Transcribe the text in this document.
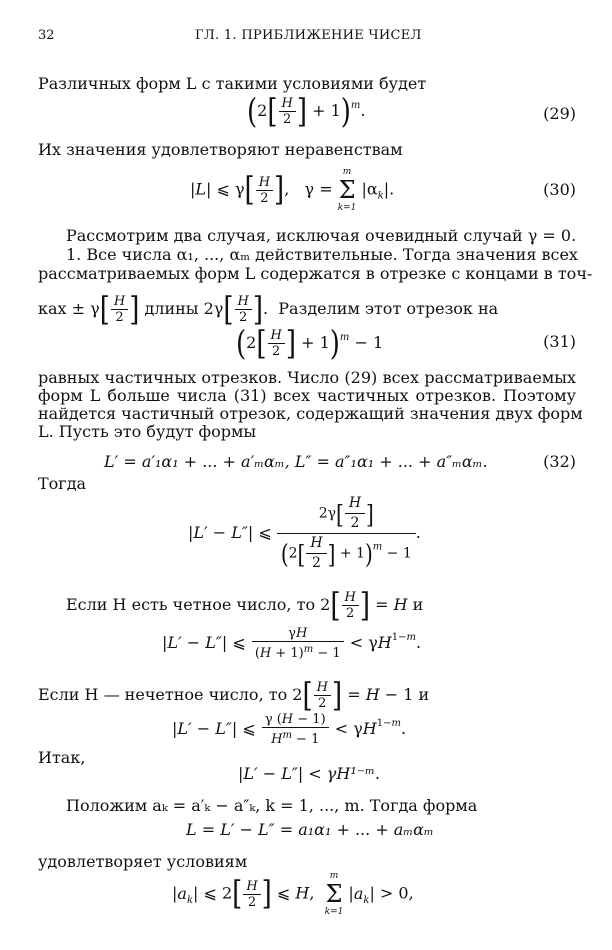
32	ГЛ. 1. ПРИБЛИЖЕНИЕ ЧИСЕЛ
Различных форм L с такими условиями будет
($2[ \frac{H}{2}$ ] + 1)$^m$.	(29)
Их значения удовлетворяют неравенствам
|L| ⩽ $\gamma[ \frac{H}{2}$ ],   γ =
m
Σ
k=1
$|\alpha_k|$.	(30)
Рассмотрим два случая, исключая очевидный случай γ = 0.
1. Все числа α₁, ..., αₘ действительные. Тогда значения всех
рассматриваемых форм L содержатся в отрезке с концами в точ-
ках ± $\gamma[ \frac{H}{2}$ ] длины $2\gamma[ \frac{H}{2}$ ].  Разделим этот отрезок на
($2[ \frac{H}{2}$ ] + 1)$^m$ − 1	(31)
равных частичных отрезков. Число (29) всех рассматриваемых
форм L больше числа (31) всех частичных отрезков. Поэтому
найдется частичный отрезок, содержащий значения двух форм
L. Пусть это будут формы
L′ = a′₁α₁ + ... + a′ₘαₘ, L″ = a″₁α₁ + ... + a″ₘαₘ.	(32)
Тогда
|L′ − L″| ⩽ $\frac{2\gamma[ \frac{H}{2} ]}{(2[ \frac{H}{2} ] + 1)^m - 1}$ .
Если H есть четное число, то $2[ \frac{H}{2}$ ] = H и
|L′ − L″| ⩽ $\frac{\gamma H}{(H + 1)^m - 1} < \gamma H^{1-m}$.
Если H — нечетное число, то $2[ \frac{H}{2}$ ] = H − 1 и
|L′ − L″| ⩽ $\frac{\gamma (H - 1)}{H^m - 1} < \gamma H^{1-m}$.
Итак,
|L′ − L″| < γH¹⁻ᵐ.
Положим aₖ = a′ₖ − a″ₖ, k = 1, ..., m. Тогда форма
L = L′ − L″ = a₁α₁ + ... + aₘαₘ
удовлетворяет условиям
$|a_k|$ ⩽ $2[ \frac{H}{2}$ ] ⩽ H,
m
Σ
k=1
$|a_k| > 0$,
